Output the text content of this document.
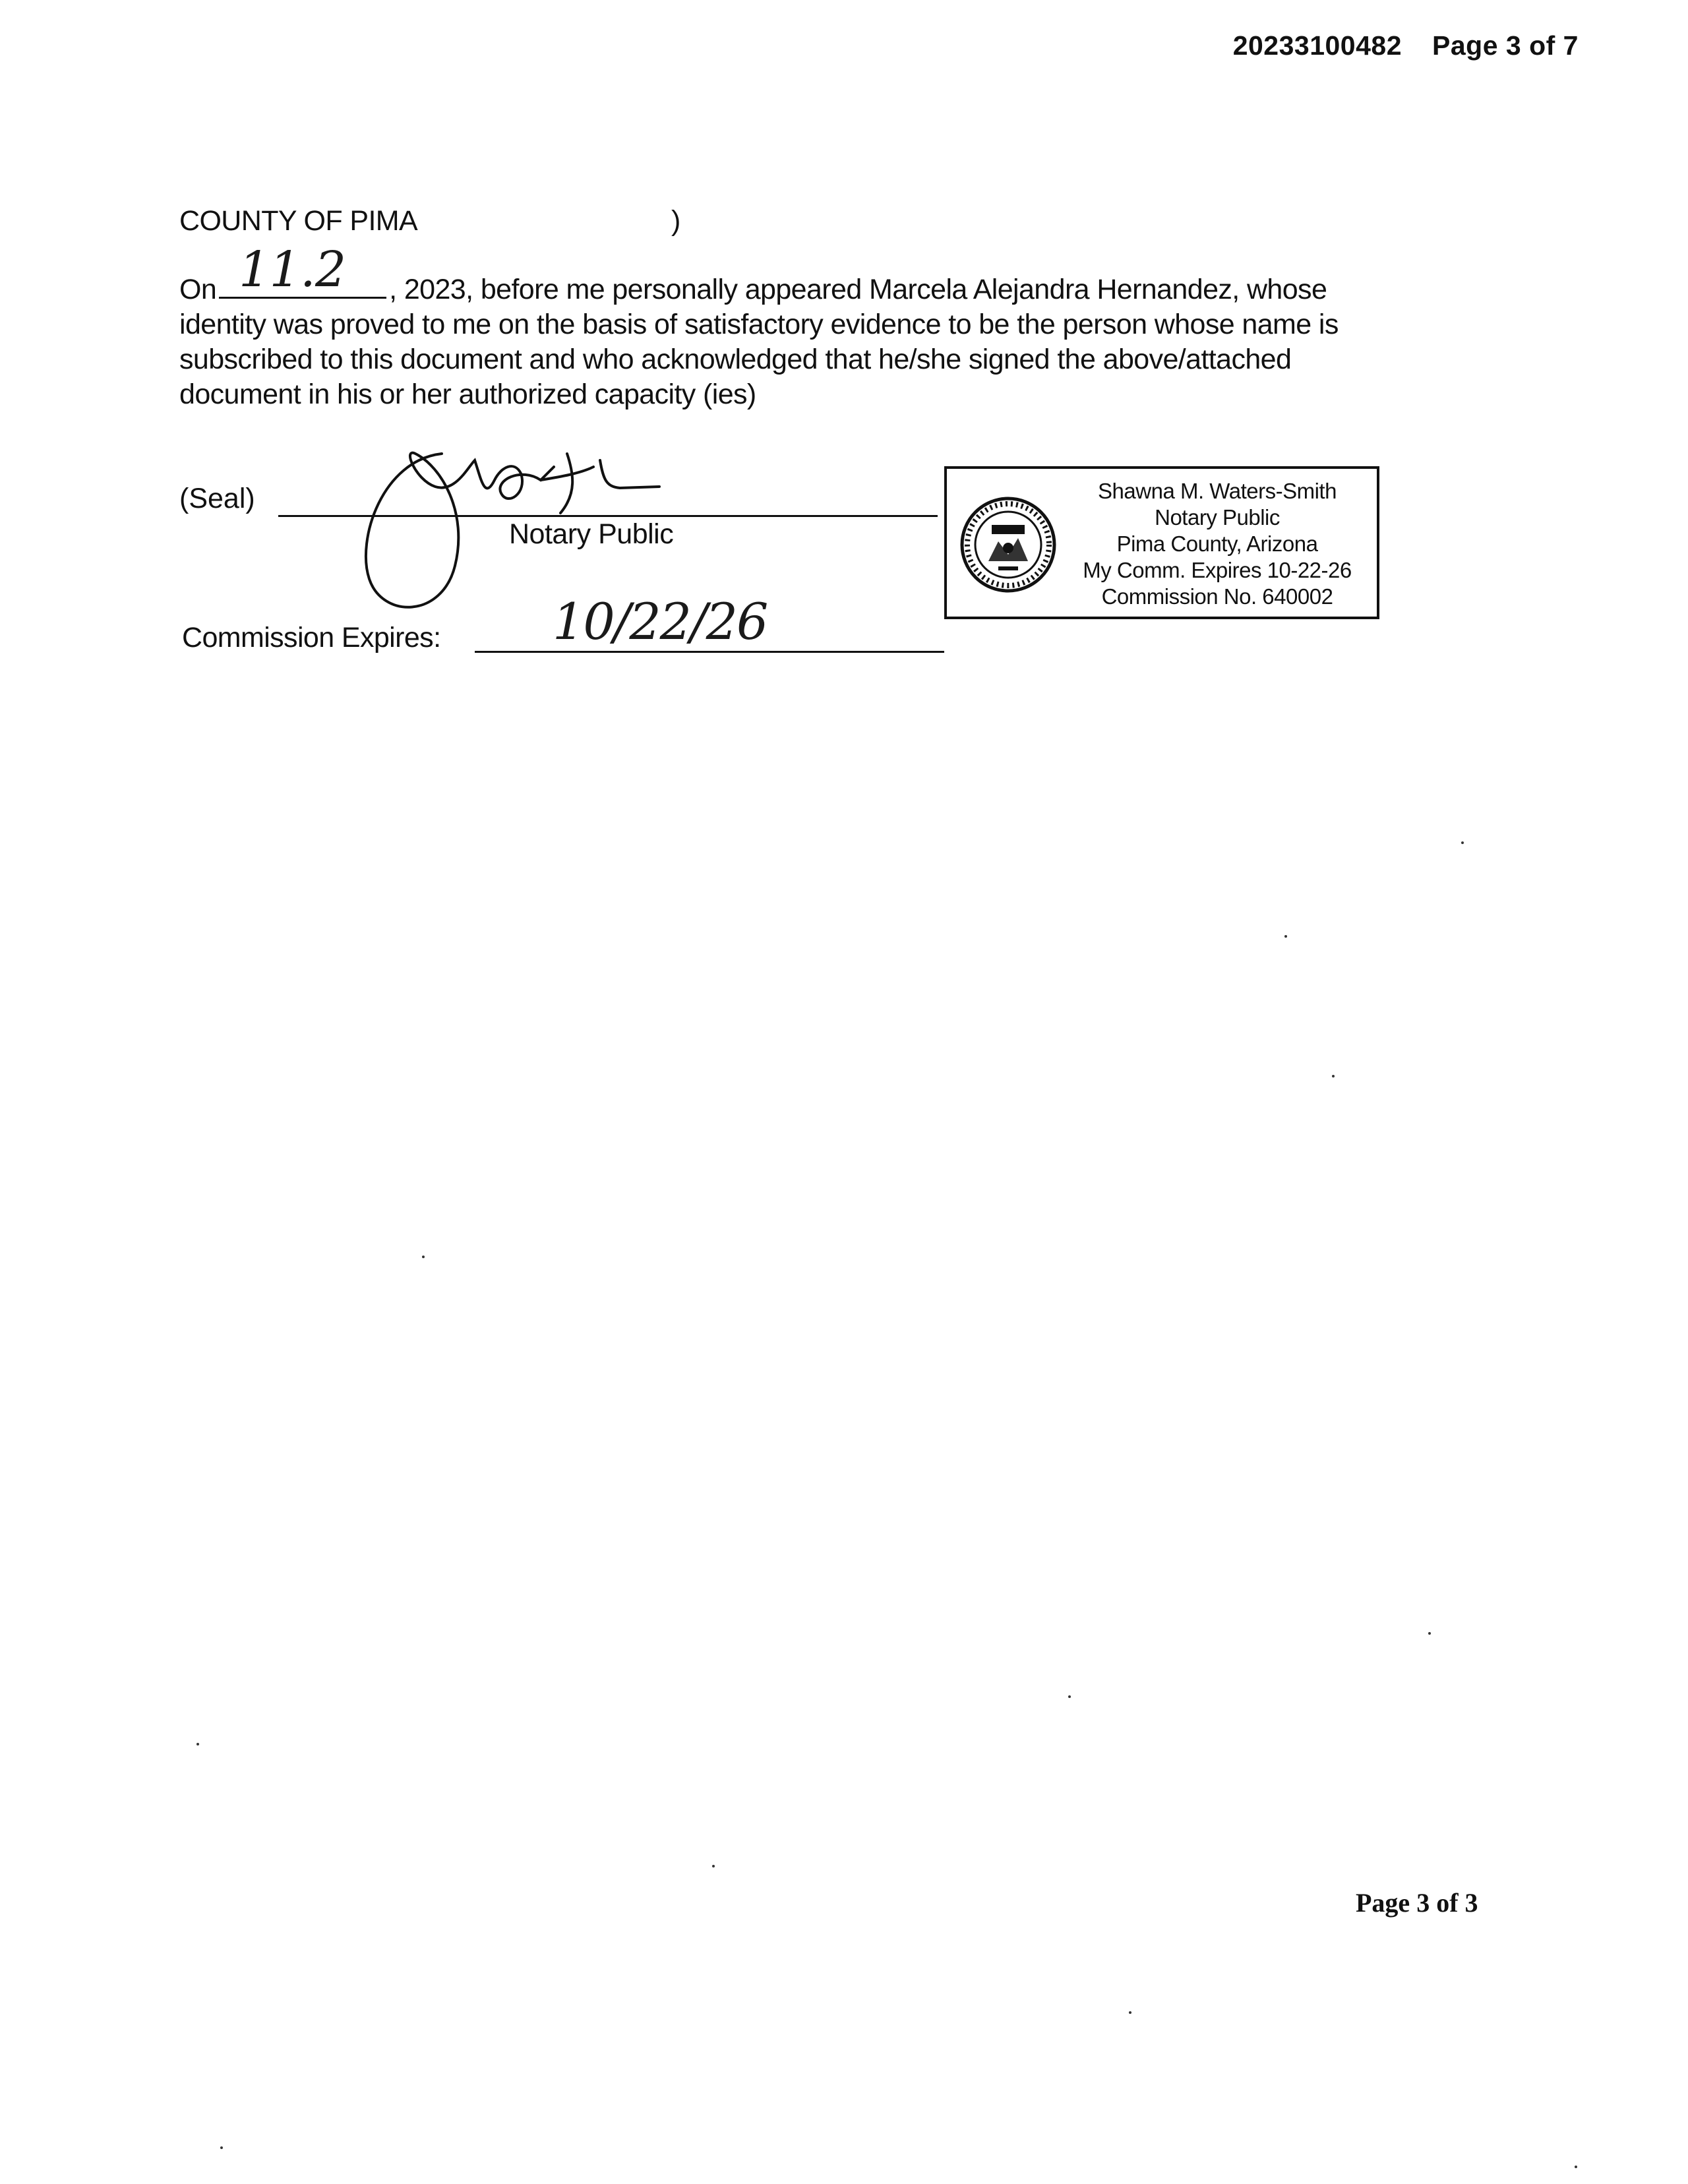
20233100482 Page 3 of 7
COUNTY OF PIMA	)
On 11.2 , 2023, before me personally appeared Marcela Alejandra Hernandez, whose
identity was proved to me on the basis of satisfactory evidence to be the person whose name is
subscribed to this document and who acknowledged that he/she signed the above/attached
document in his or her authorized capacity (ies)
(Seal)
Notary Public
Commission Expires: 10/22/26
Shawna M. Waters-Smith
Notary Public
Pima County, Arizona
My Comm. Expires 10-22-26
Commission No. 640002
Page 3 of 3
